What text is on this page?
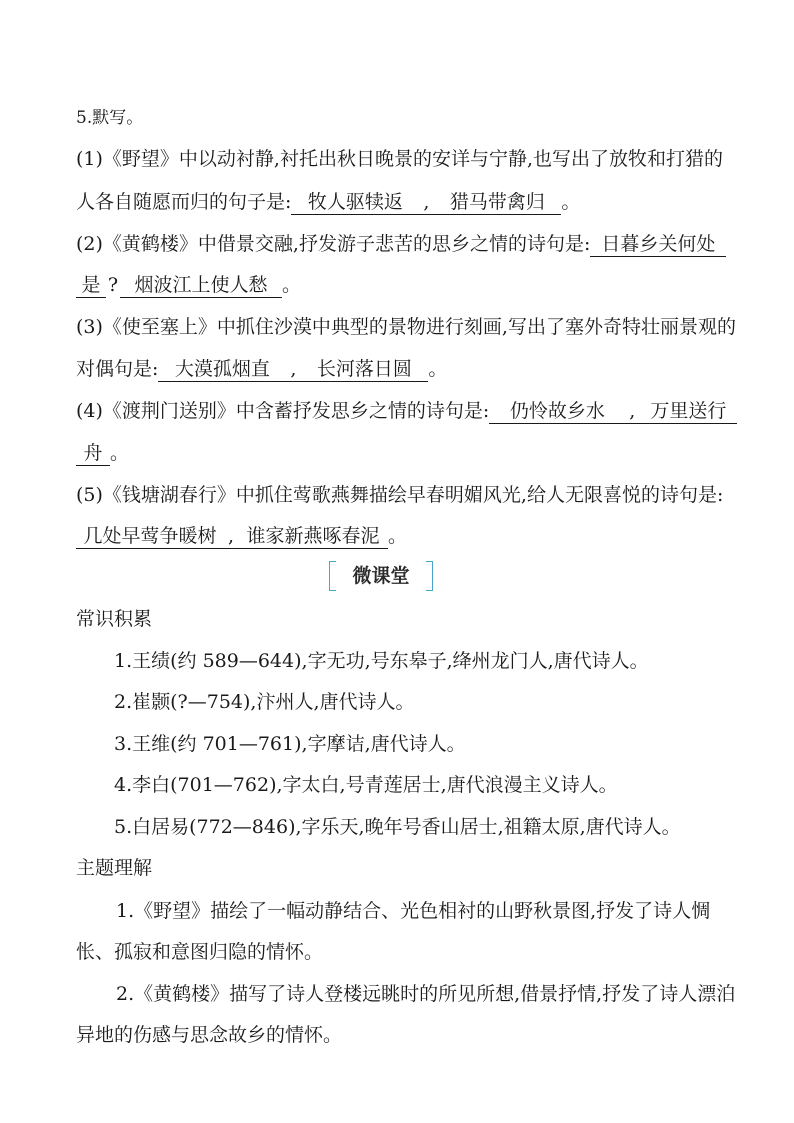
5.默写。
(1)《野望》中以动衬静,衬托出秋日晚景的安详与宁静,也写出了放牧和打猎的
人各自随愿而归的句子是: 牧人驱犊返 , 猎马带禽归 。
(2)《黄鹤楼》中借景交融,抒发游子悲苦的思乡之情的诗句是: 日暮乡关何处
是 ? 烟波江上使人愁 。
(3)《使至塞上》中抓住沙漠中典型的景物进行刻画,写出了塞外奇特壮丽景观的
对偶句是: 大漠孤烟直 , 长河落日圆 。
(4)《渡荆门送别》中含蓄抒发思乡之情的诗句是: 仍怜故乡水 , 万里送行
舟 。
(5)《钱塘湖春行》中抓住莺歌燕舞描绘早春明媚风光,给人无限喜悦的诗句是:
几处早莺争暖树 , 谁家新燕啄春泥 。
微课堂
常识积累
1.王绩(约 589—644),字无功,号东皋子,绛州龙门人,唐代诗人。
2.崔颢(?—754),汴州人,唐代诗人。
3.王维(约 701—761),字摩诘,唐代诗人。
4.李白(701—762),字太白,号青莲居士,唐代浪漫主义诗人。
5.白居易(772—846),字乐天,晚年号香山居士,祖籍太原,唐代诗人。
主题理解
1.《野望》描绘了一幅动静结合、光色相衬的山野秋景图,抒发了诗人惆
怅、孤寂和意图归隐的情怀。
2.《黄鹤楼》描写了诗人登楼远眺时的所见所想,借景抒情,抒发了诗人漂泊
异地的伤感与思念故乡的情怀。
